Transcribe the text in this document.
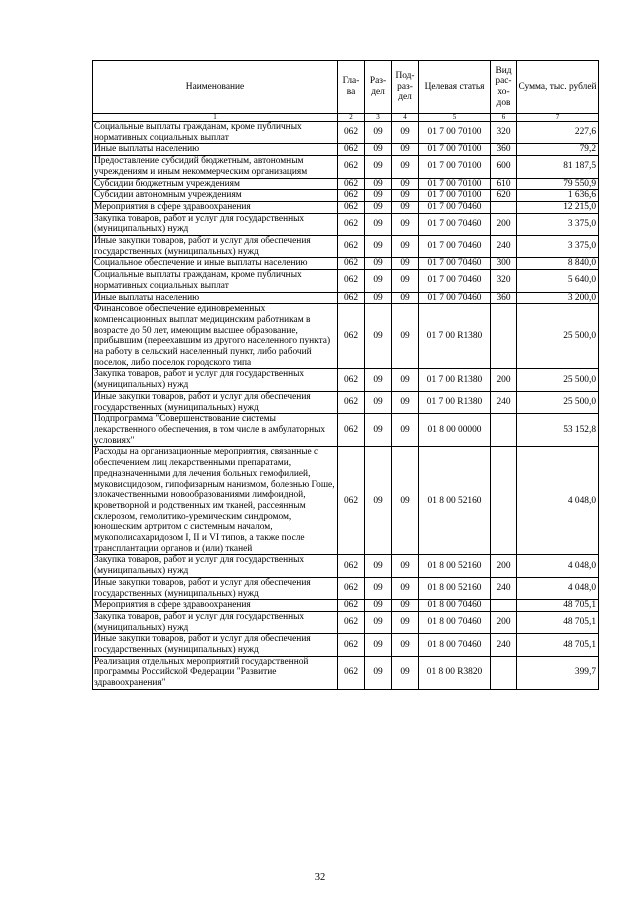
Наименование	Гла-ва	Раз-дел	Под-раз-дел	Целевая статья	Вид рас-хо-дов	Сумма, тыс. рублей
1	2	3	4	5	6	7
Социальные выплаты гражданам, кроме публичных нормативных социальных выплат	062	09	09	01 7 00 70100	320	227,6
Иные выплаты населению	062	09	09	01 7 00 70100	360	79,2
Предоставление субсидий бюджетным, автономным учреждениям и иным некоммерческим организациям	062	09	09	01 7 00 70100	600	81 187,5
Субсидии бюджетным учреждениям	062	09	09	01 7 00 70100	610	79 550,9
Субсидии автономным учреждениям	062	09	09	01 7 00 70100	620	1 636,6
Мероприятия в сфере здравоохранения	062	09	09	01 7 00 70460		12 215,0
Закупка товаров, работ и услуг для государственных (муниципальных) нужд	062	09	09	01 7 00 70460	200	3 375,0
Иные закупки товаров, работ и услуг для обеспечения государственных (муниципальных) нужд	062	09	09	01 7 00 70460	240	3 375,0
Социальное обеспечение и иные выплаты населению	062	09	09	01 7 00 70460	300	8 840,0
Социальные выплаты гражданам, кроме публичных нормативных социальных выплат	062	09	09	01 7 00 70460	320	5 640,0
Иные выплаты населению	062	09	09	01 7 00 70460	360	3 200,0
Финансовое обеспечение единовременных компенсационных выплат медицинским работникам в возрасте до 50 лет, имеющим высшее образование, прибывшим (переехавшим из другого населенного пункта) на работу в сельский населенный пункт, либо рабочий поселок, либо поселок городского типа	062	09	09	01 7 00 R1380		25 500,0
Закупка товаров, работ и услуг для государственных (муниципальных) нужд	062	09	09	01 7 00 R1380	200	25 500,0
Иные закупки товаров, работ и услуг для обеспечения государственных (муниципальных) нужд	062	09	09	01 7 00 R1380	240	25 500,0
Подпрограмма "Совершенствование системы лекарственного обеспечения, в том числе в амбулаторных условиях"	062	09	09	01 8 00 00000		53 152,8
Расходы на организационные мероприятия, связанные с обеспечением лиц лекарственными препаратами, предназначенными для лечения больных гемофилией, муковисцидозом, гипофизарным нанизмом, болезнью Гоше, злокачественными новообразованиями лимфоидной, кроветворной и родственных им тканей, рассеянным склерозом, гемолитико-уремическим синдромом, юношеским артритом с системным началом, мукополисахаридозом I, II и VI типов, а также после трансплантации органов и (или) тканей	062	09	09	01 8 00 52160		4 048,0
Закупка товаров, работ и услуг для государственных (муниципальных) нужд	062	09	09	01 8 00 52160	200	4 048,0
Иные закупки товаров, работ и услуг для обеспечения государственных (муниципальных) нужд	062	09	09	01 8 00 52160	240	4 048,0
Мероприятия в сфере здравоохранения	062	09	09	01 8 00 70460		48 705,1
Закупка товаров, работ и услуг для государственных (муниципальных) нужд	062	09	09	01 8 00 70460	200	48 705,1
Иные закупки товаров, работ и услуг для обеспечения государственных (муниципальных) нужд	062	09	09	01 8 00 70460	240	48 705,1
Реализация отдельных мероприятий государственной программы Российской Федерации "Развитие здравоохранения"	062	09	09	01 8 00 R3820		399,7
32
